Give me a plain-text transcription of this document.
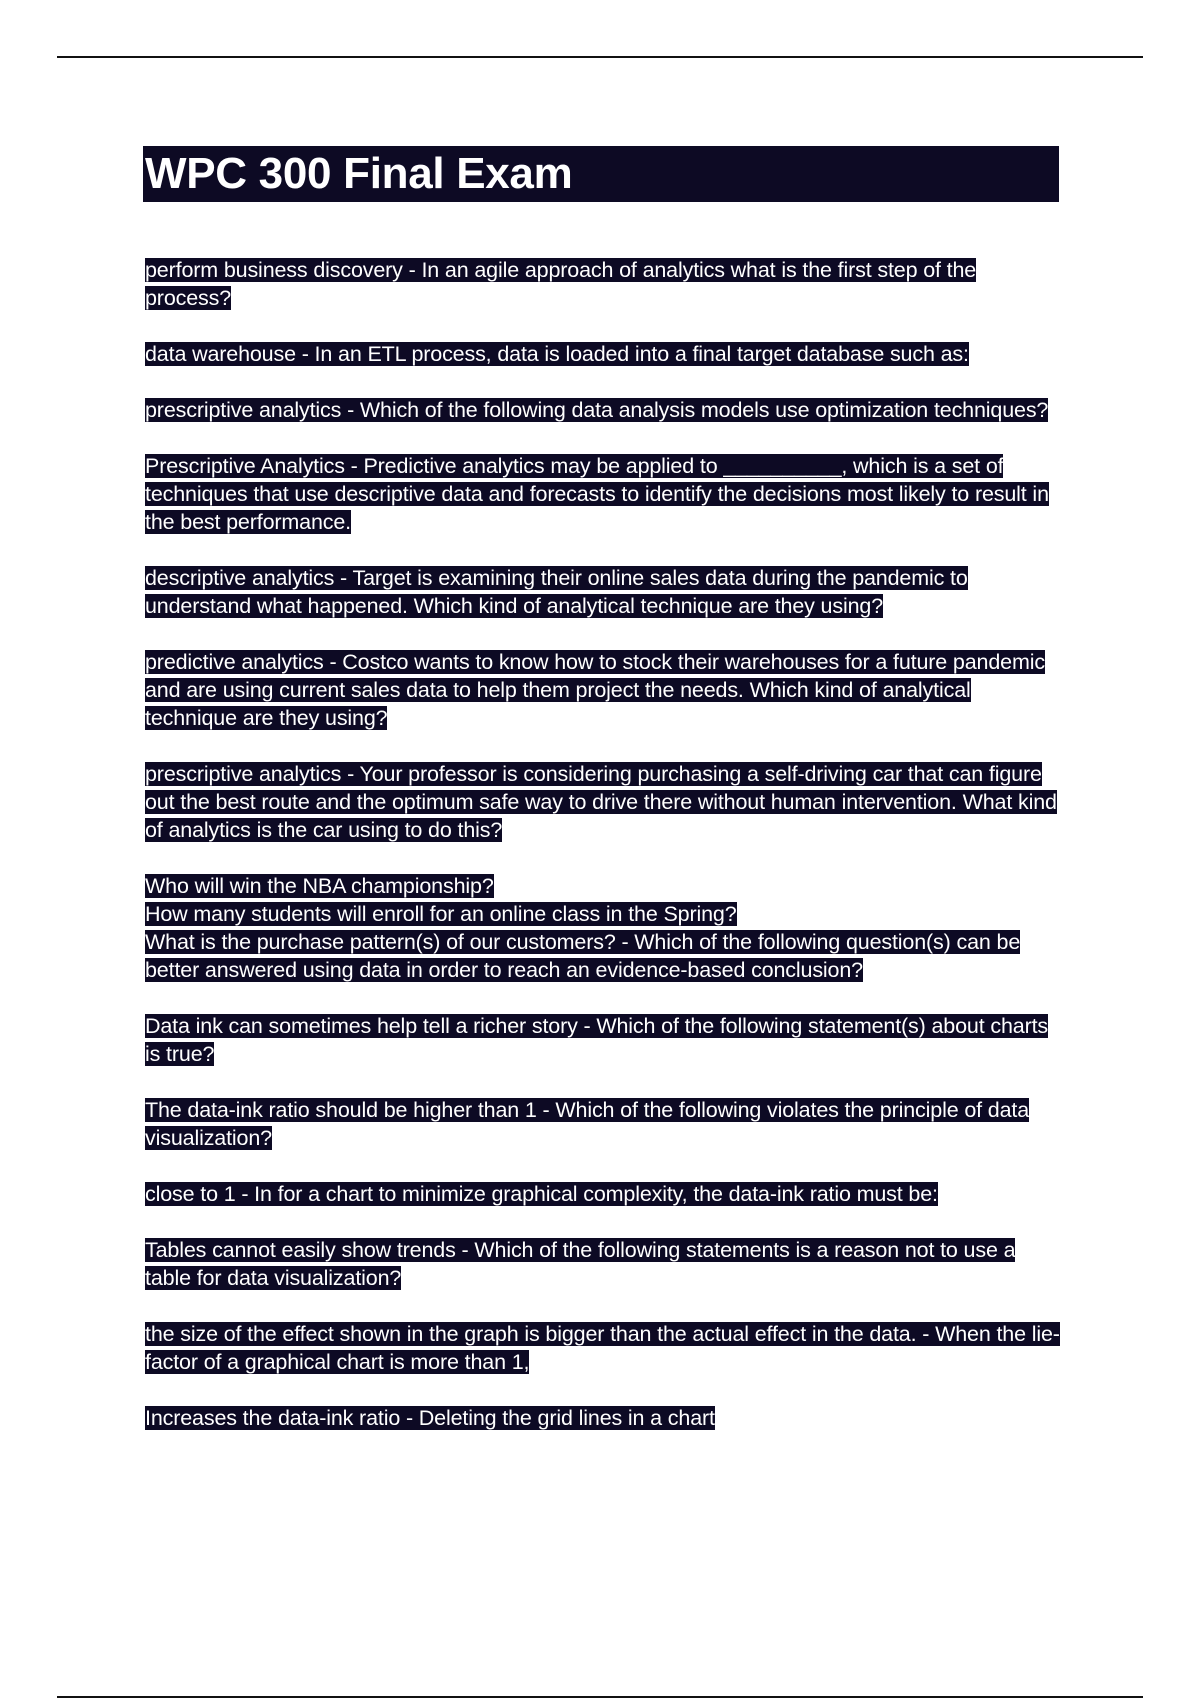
WPC 300 Final Exam

perform business discovery - In an agile approach of analytics what is the first step of the process?

data warehouse - In an ETL process, data is loaded into a final target database such as:

prescriptive analytics - Which of the following data analysis models use optimization techniques?

Prescriptive Analytics - Predictive analytics may be applied to __________, which is a set of techniques that use descriptive data and forecasts to identify the decisions most likely to result in the best performance.

descriptive analytics - Target is examining their online sales data during the pandemic to understand what happened. Which kind of analytical technique are they using?

predictive analytics - Costco wants to know how to stock their warehouses for a future pandemic and are using current sales data to help them project the needs. Which kind of analytical technique are they using?

prescriptive analytics - Your professor is considering purchasing a self-driving car that can figure out the best route and the optimum safe way to drive there without human intervention. What kind of analytics is the car using to do this?

Who will win the NBA championship?
How many students will enroll for an online class in the Spring?
What is the purchase pattern(s) of our customers? - Which of the following question(s) can be better answered using data in order to reach an evidence-based conclusion?

Data ink can sometimes help tell a richer story - Which of the following statement(s) about charts is true?

The data-ink ratio should be higher than 1 - Which of the following violates the principle of data visualization?

close to 1 - In for a chart to minimize graphical complexity, the data-ink ratio must be:

Tables cannot easily show trends - Which of the following statements is a reason not to use a table for data visualization?

the size of the effect shown in the graph is bigger than the actual effect in the data. - When the lie-factor of a graphical chart is more than 1,

Increases the data-ink ratio - Deleting the grid lines in a chart
